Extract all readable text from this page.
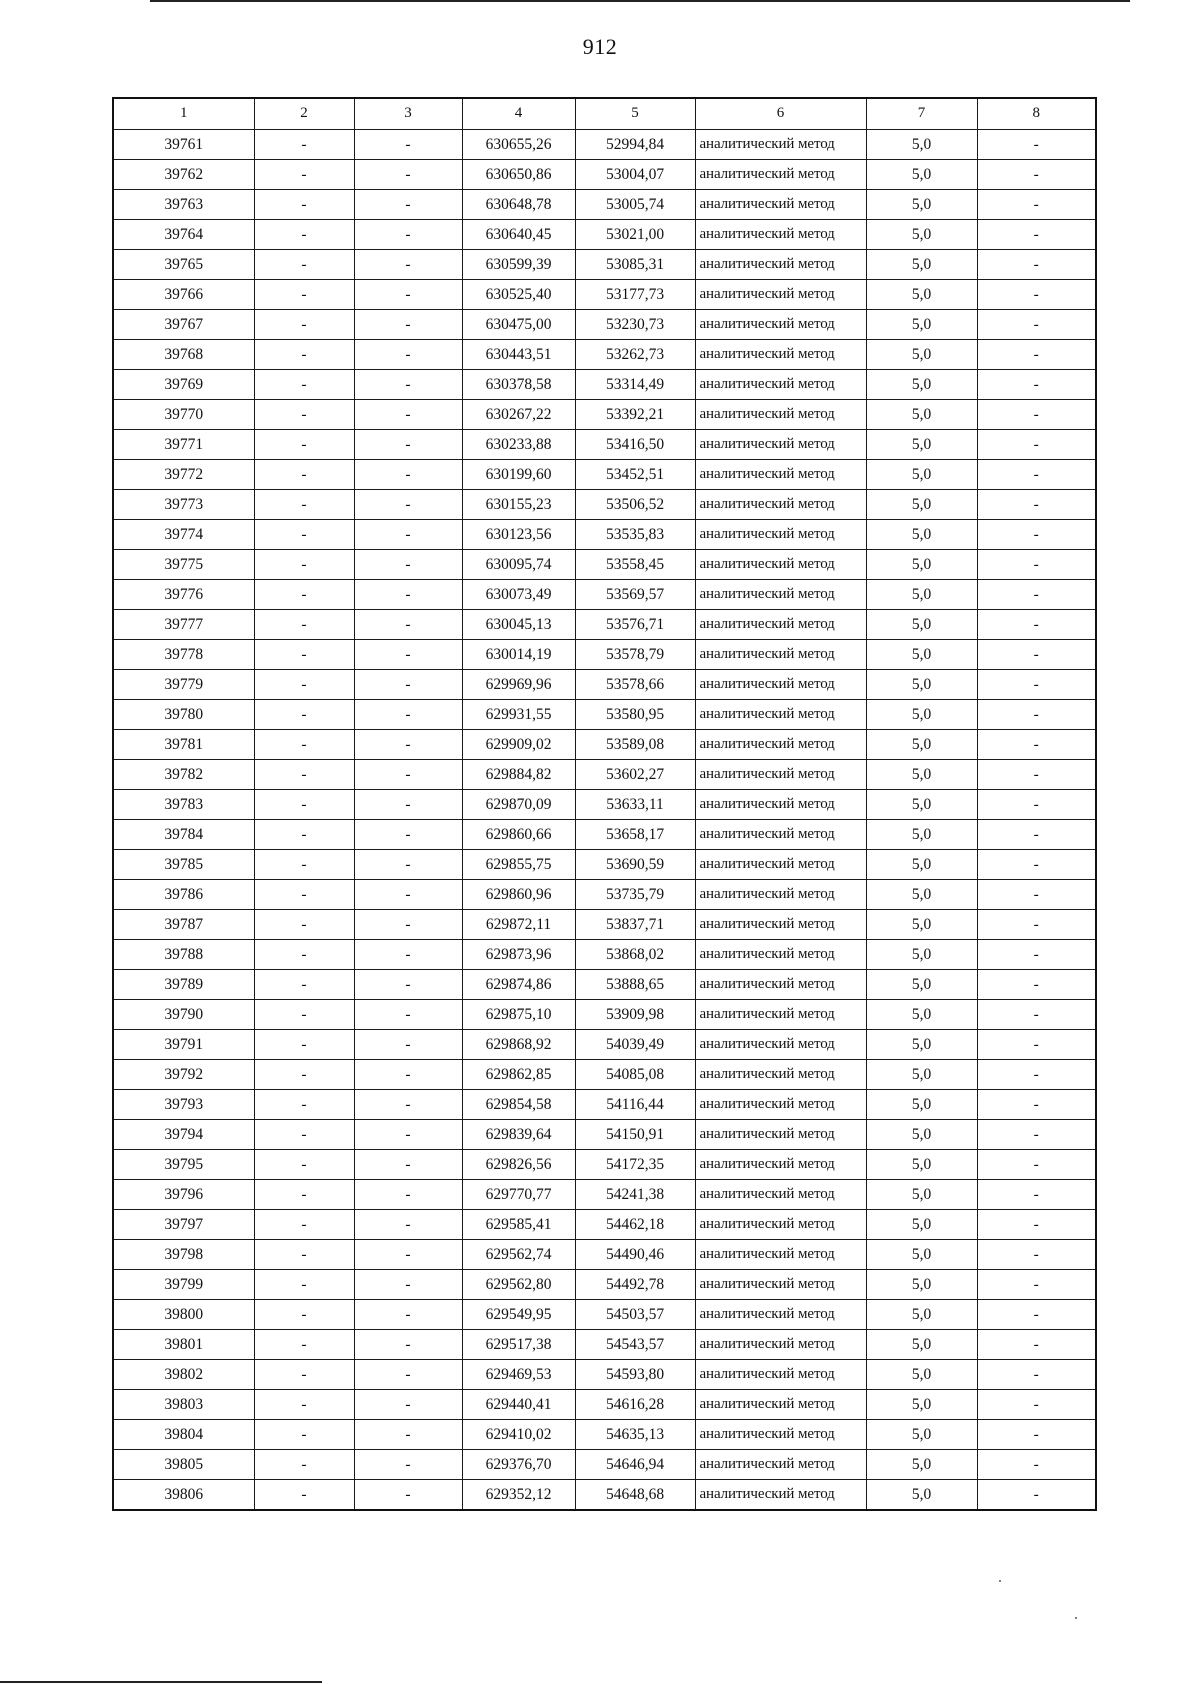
912
1	2	3	4	5	6	7	8
39761	-	-	630655,26	52994,84	аналитический метод	5,0	-
39762	-	-	630650,86	53004,07	аналитический метод	5,0	-
39763	-	-	630648,78	53005,74	аналитический метод	5,0	-
39764	-	-	630640,45	53021,00	аналитический метод	5,0	-
39765	-	-	630599,39	53085,31	аналитический метод	5,0	-
39766	-	-	630525,40	53177,73	аналитический метод	5,0	-
39767	-	-	630475,00	53230,73	аналитический метод	5,0	-
39768	-	-	630443,51	53262,73	аналитический метод	5,0	-
39769	-	-	630378,58	53314,49	аналитический метод	5,0	-
39770	-	-	630267,22	53392,21	аналитический метод	5,0	-
39771	-	-	630233,88	53416,50	аналитический метод	5,0	-
39772	-	-	630199,60	53452,51	аналитический метод	5,0	-
39773	-	-	630155,23	53506,52	аналитический метод	5,0	-
39774	-	-	630123,56	53535,83	аналитический метод	5,0	-
39775	-	-	630095,74	53558,45	аналитический метод	5,0	-
39776	-	-	630073,49	53569,57	аналитический метод	5,0	-
39777	-	-	630045,13	53576,71	аналитический метод	5,0	-
39778	-	-	630014,19	53578,79	аналитический метод	5,0	-
39779	-	-	629969,96	53578,66	аналитический метод	5,0	-
39780	-	-	629931,55	53580,95	аналитический метод	5,0	-
39781	-	-	629909,02	53589,08	аналитический метод	5,0	-
39782	-	-	629884,82	53602,27	аналитический метод	5,0	-
39783	-	-	629870,09	53633,11	аналитический метод	5,0	-
39784	-	-	629860,66	53658,17	аналитический метод	5,0	-
39785	-	-	629855,75	53690,59	аналитический метод	5,0	-
39786	-	-	629860,96	53735,79	аналитический метод	5,0	-
39787	-	-	629872,11	53837,71	аналитический метод	5,0	-
39788	-	-	629873,96	53868,02	аналитический метод	5,0	-
39789	-	-	629874,86	53888,65	аналитический метод	5,0	-
39790	-	-	629875,10	53909,98	аналитический метод	5,0	-
39791	-	-	629868,92	54039,49	аналитический метод	5,0	-
39792	-	-	629862,85	54085,08	аналитический метод	5,0	-
39793	-	-	629854,58	54116,44	аналитический метод	5,0	-
39794	-	-	629839,64	54150,91	аналитический метод	5,0	-
39795	-	-	629826,56	54172,35	аналитический метод	5,0	-
39796	-	-	629770,77	54241,38	аналитический метод	5,0	-
39797	-	-	629585,41	54462,18	аналитический метод	5,0	-
39798	-	-	629562,74	54490,46	аналитический метод	5,0	-
39799	-	-	629562,80	54492,78	аналитический метод	5,0	-
39800	-	-	629549,95	54503,57	аналитический метод	5,0	-
39801	-	-	629517,38	54543,57	аналитический метод	5,0	-
39802	-	-	629469,53	54593,80	аналитический метод	5,0	-
39803	-	-	629440,41	54616,28	аналитический метод	5,0	-
39804	-	-	629410,02	54635,13	аналитический метод	5,0	-
39805	-	-	629376,70	54646,94	аналитический метод	5,0	-
39806	-	-	629352,12	54648,68	аналитический метод	5,0	-
